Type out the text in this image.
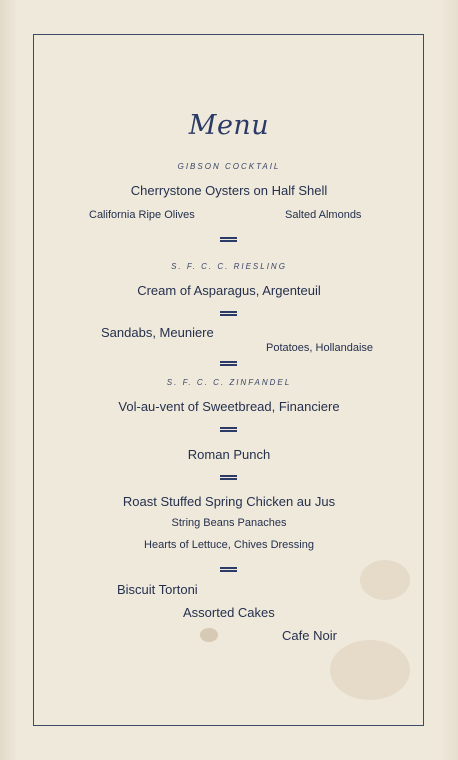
Menu
GIBSON COCKTAIL
Cherrystone Oysters on Half Shell
California Ripe Olives	Salted Almonds
S. F. C. C. RIESLING
Cream of Asparagus, Argenteuil
Sandabs, Meuniere
Potatoes, Hollandaise
S. F. C. C. ZINFANDEL
Vol-au-vent of Sweetbread, Financiere
Roman Punch
Roast Stuffed Spring Chicken au Jus
String Beans Panaches
Hearts of Lettuce, Chives Dressing
Biscuit Tortoni
Assorted Cakes
Cafe Noir
